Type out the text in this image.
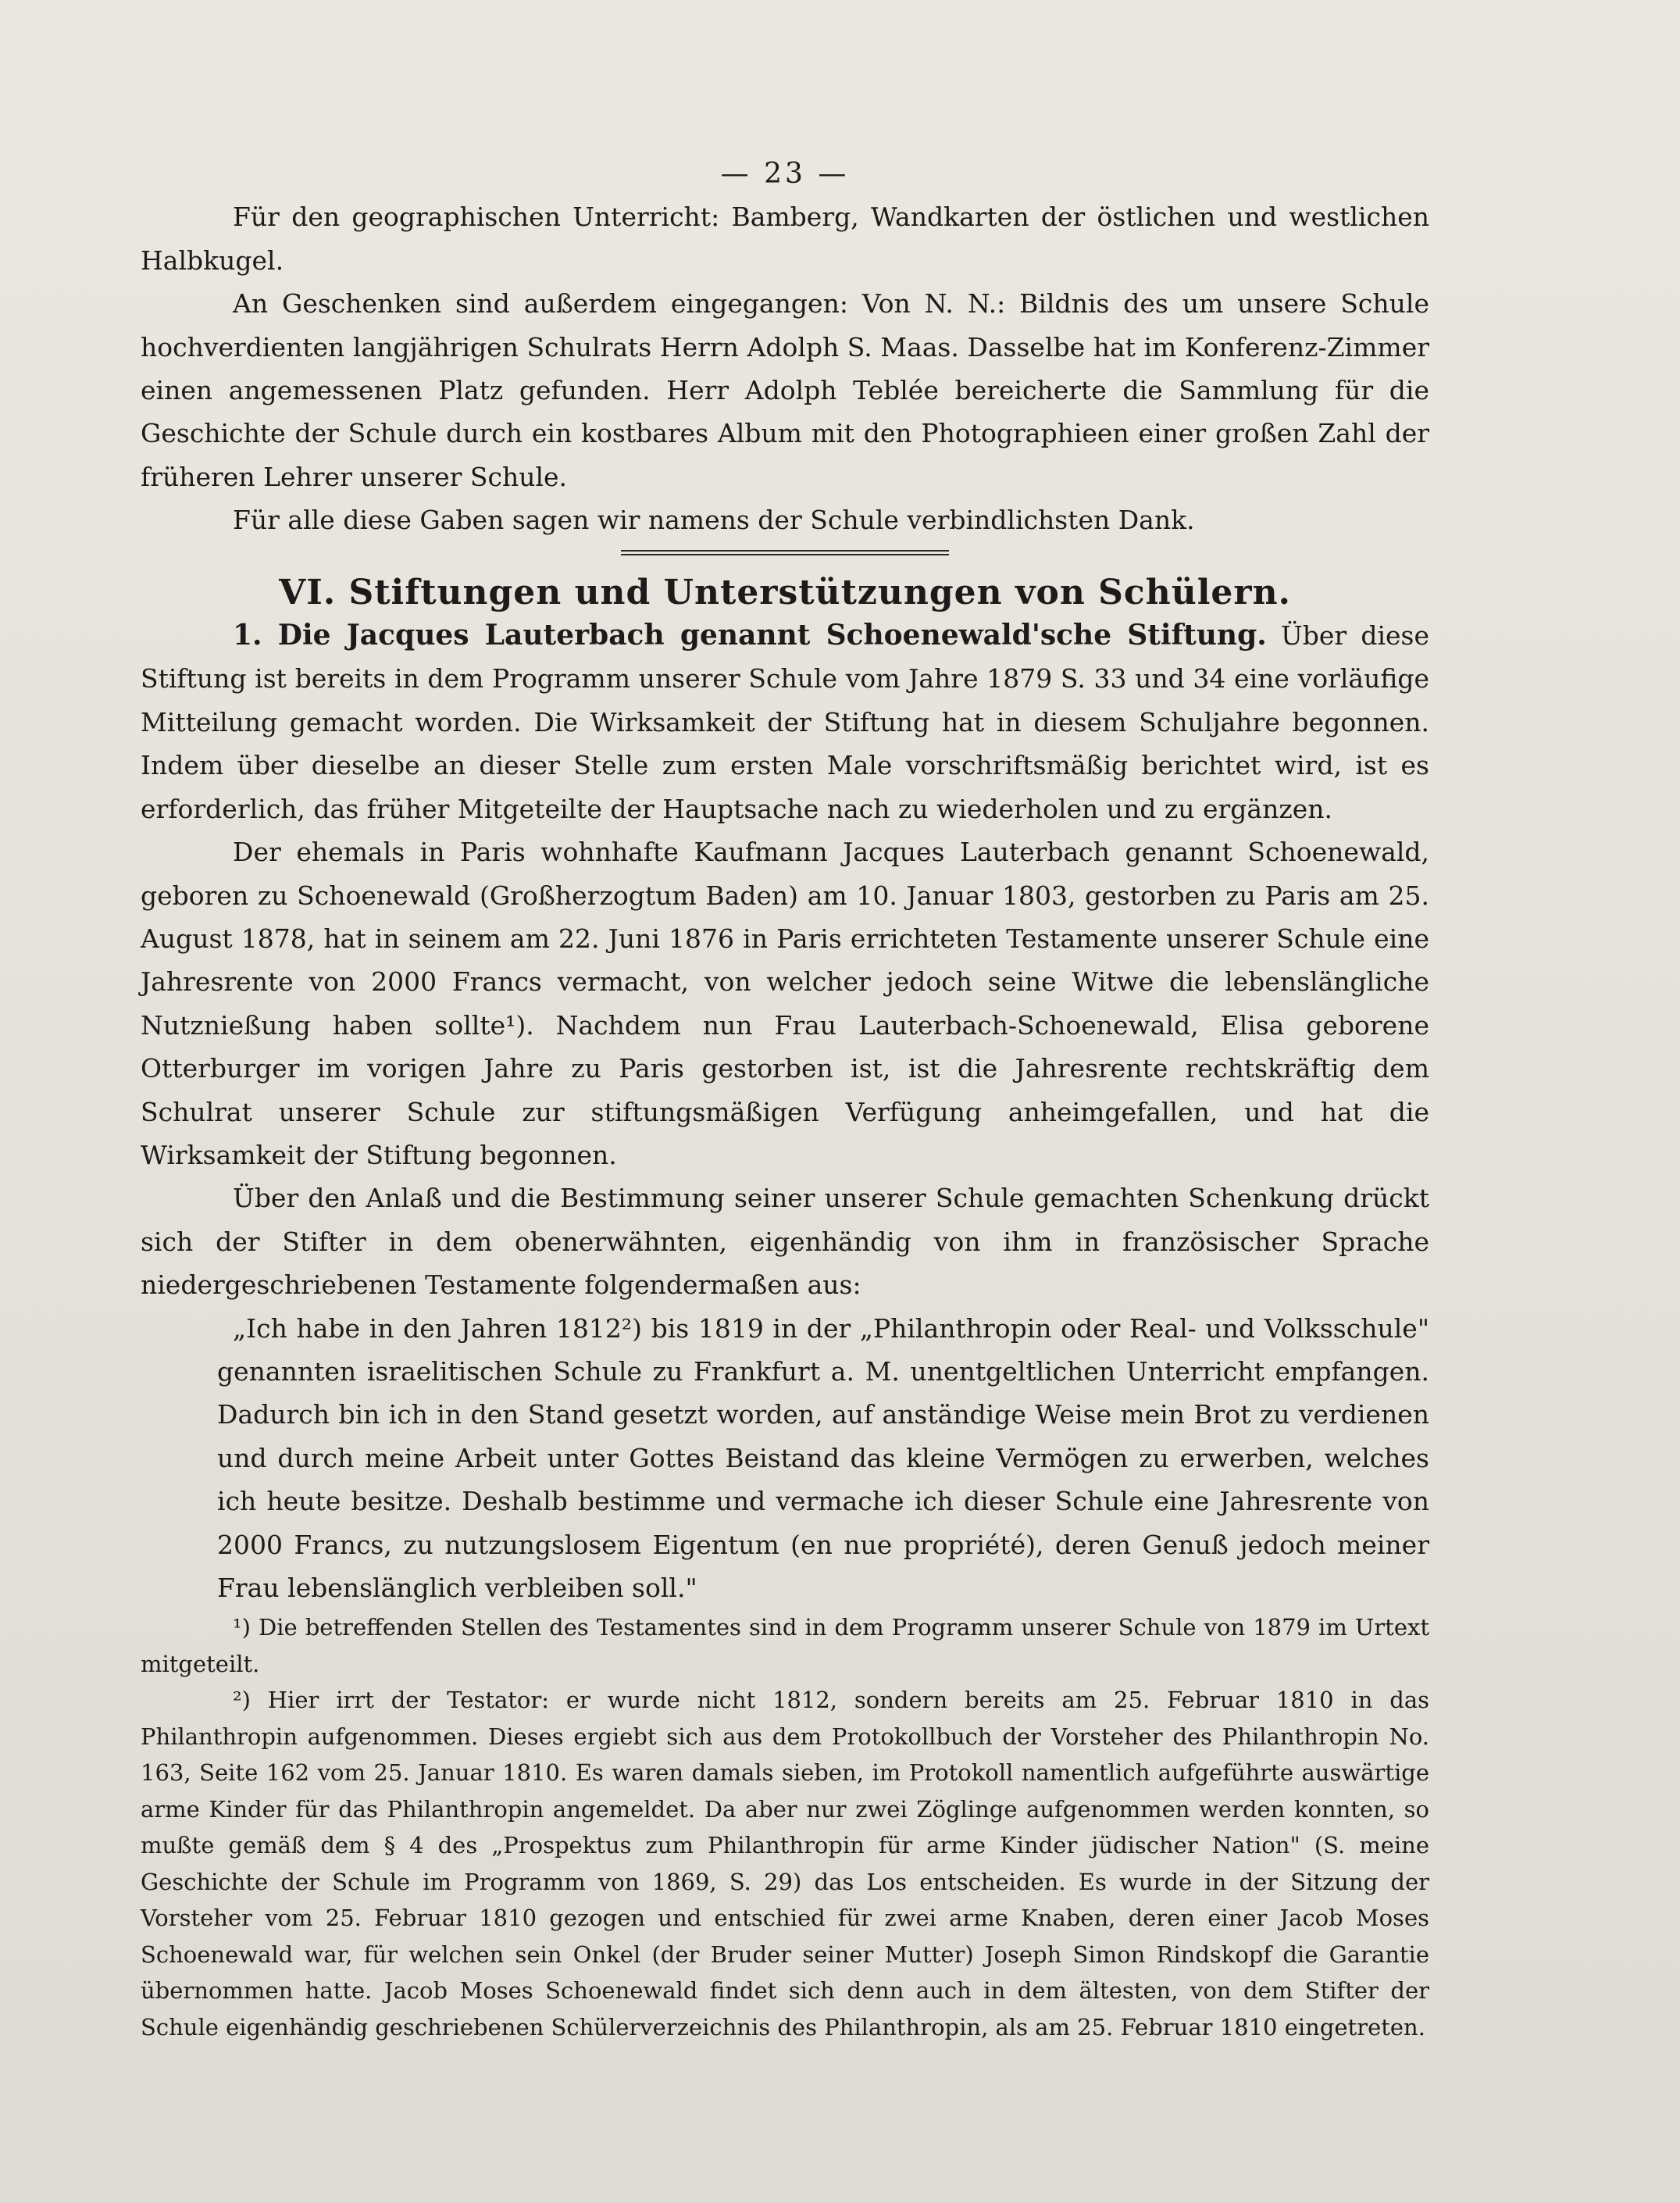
— 23 —

Für den geographischen Unterricht: Bamberg, Wandkarten der östlichen und westlichen Halbkugel.

An Geschenken sind außerdem eingegangen: Von N. N.: Bildnis des um unsere Schule hochverdienten langjährigen Schulrats Herrn Adolph S. Maas. Dasselbe hat im Konferenz-Zimmer einen angemessenen Platz gefunden. Herr Adolph Teblée bereicherte die Sammlung für die Geschichte der Schule durch ein kostbares Album mit den Photographieen einer großen Zahl der früheren Lehrer unserer Schule.

Für alle diese Gaben sagen wir namens der Schule verbindlichsten Dank.

VI. Stiftungen und Unterstützungen von Schülern.

1. Die Jacques Lauterbach genannt Schoenewald'sche Stiftung. Über diese Stiftung ist bereits in dem Programm unserer Schule vom Jahre 1879 S. 33 und 34 eine vorläufige Mitteilung gemacht worden. Die Wirksamkeit der Stiftung hat in diesem Schuljahre begonnen. Indem über dieselbe an dieser Stelle zum ersten Male vorschriftsmäßig berichtet wird, ist es erforderlich, das früher Mitgeteilte der Hauptsache nach zu wiederholen und zu ergänzen.

Der ehemals in Paris wohnhafte Kaufmann Jacques Lauterbach genannt Schoenewald, geboren zu Schoenewald (Großherzogtum Baden) am 10. Januar 1803, gestorben zu Paris am 25. August 1878, hat in seinem am 22. Juni 1876 in Paris errichteten Testamente unserer Schule eine Jahresrente von 2000 Francs vermacht, von welcher jedoch seine Witwe die lebenslängliche Nutznießung haben sollte¹). Nachdem nun Frau Lauterbach-Schoenewald, Elisa geborene Otterburger im vorigen Jahre zu Paris gestorben ist, ist die Jahresrente rechtskräftig dem Schulrat unserer Schule zur stiftungsmäßigen Verfügung anheimgefallen, und hat die Wirksamkeit der Stiftung begonnen.

Über den Anlaß und die Bestimmung seiner unserer Schule gemachten Schenkung drückt sich der Stifter in dem obenerwähnten, eigenhändig von ihm in französischer Sprache niedergeschriebenen Testamente folgendermaßen aus:

„Ich habe in den Jahren 1812²) bis 1819 in der „Philanthropin oder Real- und Volksschule" genannten israelitischen Schule zu Frankfurt a. M. unentgeltlichen Unterricht empfangen. Dadurch bin ich in den Stand gesetzt worden, auf anständige Weise mein Brot zu verdienen und durch meine Arbeit unter Gottes Beistand das kleine Vermögen zu erwerben, welches ich heute besitze. Deshalb bestimme und vermache ich dieser Schule eine Jahresrente von 2000 Francs, zu nutzungslosem Eigentum (en nue propriété), deren Genuß jedoch meiner Frau lebenslänglich verbleiben soll."

¹) Die betreffenden Stellen des Testamentes sind in dem Programm unserer Schule von 1879 im Urtext mitgeteilt.

²) Hier irrt der Testator: er wurde nicht 1812, sondern bereits am 25. Februar 1810 in das Philanthropin aufgenommen. Dieses ergiebt sich aus dem Protokollbuch der Vorsteher des Philanthropin No. 163, Seite 162 vom 25. Januar 1810. Es waren damals sieben, im Protokoll namentlich aufgeführte auswärtige arme Kinder für das Philanthropin angemeldet. Da aber nur zwei Zöglinge aufgenommen werden konnten, so mußte gemäß dem § 4 des „Prospektus zum Philanthropin für arme Kinder jüdischer Nation" (S. meine Geschichte der Schule im Programm von 1869, S. 29) das Los entscheiden. Es wurde in der Sitzung der Vorsteher vom 25. Februar 1810 gezogen und entschied für zwei arme Knaben, deren einer Jacob Moses Schoenewald war, für welchen sein Onkel (der Bruder seiner Mutter) Joseph Simon Rindskopf die Garantie übernommen hatte. Jacob Moses Schoenewald findet sich denn auch in dem ältesten, von dem Stifter der Schule eigenhändig geschriebenen Schülerverzeichnis des Philanthropin, als am 25. Februar 1810 eingetreten.
